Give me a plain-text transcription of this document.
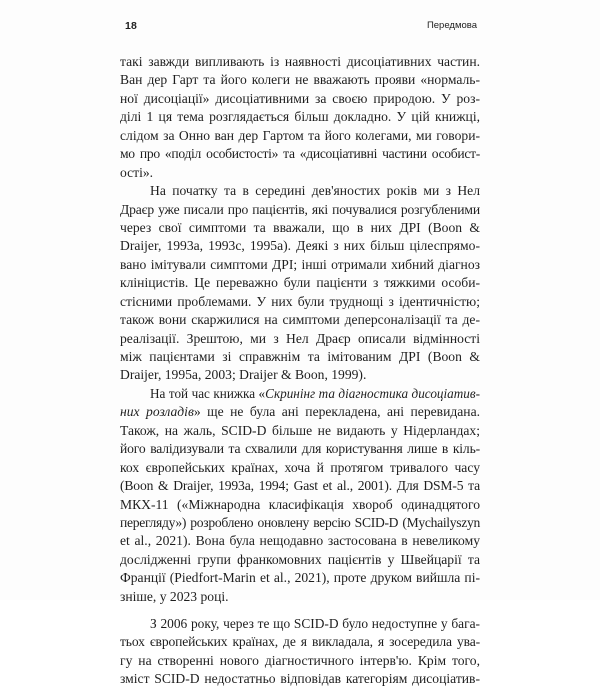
18	Передмова
такі завжди випливають із наявності дисоціативних частин.
Ван дер Гарт та його колеги не вважають прояви «нормаль-
ної дисоціації» дисоціативними за своєю природою. У роз-
ділі 1 ця тема розглядається більш докладно. У цій книжці,
слідом за Онно ван дер Гартом та його колегами, ми говори-
мо про «поділ особистості» та «дисоціативні частини особист-
ості».
На початку та в середині дев'яностих років ми з Нел
Драєр уже писали про пацієнтів, які почувалися розгубленими
через свої симптоми та вважали, що в них ДРІ (Boon &
Draijer, 1993a, 1993c, 1995a). Деякі з них більш цілеспрямо-
вано імітували симптоми ДРІ; інші отримали хибний діагноз
клініцистів. Це переважно були пацієнти з тяжкими особи-
стісними проблемами. У них були труднощі з ідентичністю;
також вони скаржилися на симптоми деперсоналізації та де-
реалізації. Зрештою, ми з Нел Драєр описали відмінності
між пацієнтами зі справжнім та імітованим ДРІ (Boon &
Draijer, 1995a, 2003; Draijer & Boon, 1999).
На той час книжка «Скринінг та діагностика дисоціатив-
них розладів» ще не була ані перекладена, ані перевидана.
Також, на жаль, SCID-D більше не видають у Нідерландах;
його валідизували та схвалили для користування лише в кіль-
кох європейських країнах, хоча й протягом тривалого часу
(Boon & Draijer, 1993a, 1994; Gast et al., 2001). Для DSM-5 та
МКХ-11 («Міжнародна класифікація хвороб одинадцятого
перегляду») розроблено оновлену версію SCID-D (Mychailyszyn
et al., 2021). Вона була нещодавно застосована в невеликому
дослідженні групи франкомовних пацієнтів у Швейцарії та
Франції (Piedfort-Marin et al., 2021), проте друком вийшла пі-
зніше, у 2023 році.
З 2006 року, через те що SCID-D було недоступне у бага-
тьох європейських країнах, де я викладала, я зосередила ува-
гу на створенні нового діагностичного інтерв'ю. Крім того,
зміст SCID-D недостатньо відповідав категоріям дисоціатив-
